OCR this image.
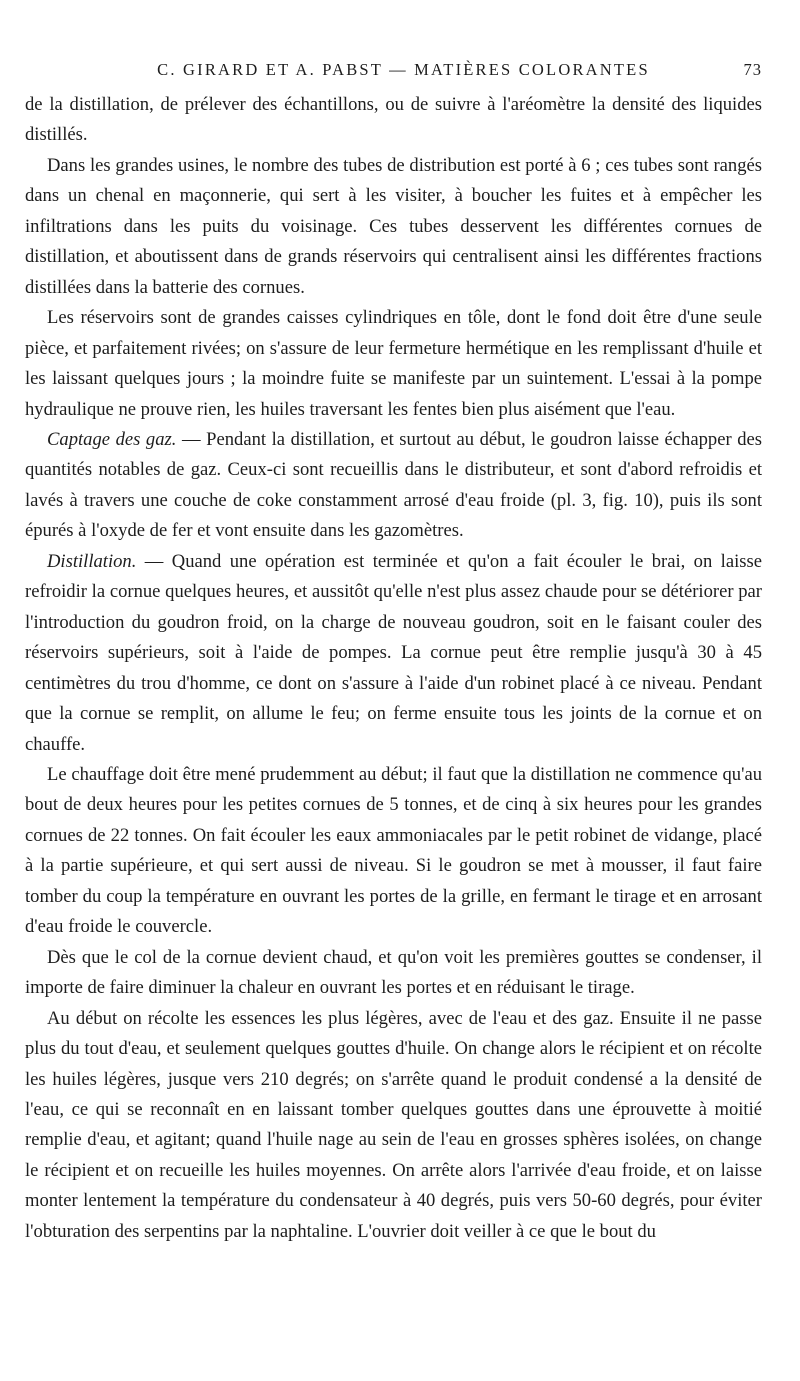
C. GIRARD ET A. PABST — MATIÈRES COLORANTES	73

de la distillation, de prélever des échantillons, ou de suivre à l'aréomètre la densité des liquides distillés.

Dans les grandes usines, le nombre des tubes de distribution est porté à 6 ; ces tubes sont rangés dans un chenal en maçonnerie, qui sert à les visiter, à boucher les fuites et à empêcher les infiltrations dans les puits du voisinage. Ces tubes desservent les différentes cornues de distillation, et aboutissent dans de grands réservoirs qui centralisent ainsi les différentes fractions distillées dans la batterie des cornues.

Les réservoirs sont de grandes caisses cylindriques en tôle, dont le fond doit être d'une seule pièce, et parfaitement rivées; on s'assure de leur fermeture hermétique en les remplissant d'huile et les laissant quelques jours ; la moindre fuite se manifeste par un suintement. L'essai à la pompe hydraulique ne prouve rien, les huiles traversant les fentes bien plus aisément que l'eau.

Captage des gaz. — Pendant la distillation, et surtout au début, le goudron laisse échapper des quantités notables de gaz. Ceux-ci sont recueillis dans le distributeur, et sont d'abord refroidis et lavés à travers une couche de coke constamment arrosé d'eau froide (pl. 3, fig. 10), puis ils sont épurés à l'oxyde de fer et vont ensuite dans les gazomètres.

Distillation. — Quand une opération est terminée et qu'on a fait écouler le brai, on laisse refroidir la cornue quelques heures, et aussitôt qu'elle n'est plus assez chaude pour se détériorer par l'introduction du goudron froid, on la charge de nouveau goudron, soit en le faisant couler des réservoirs supérieurs, soit à l'aide de pompes. La cornue peut être remplie jusqu'à 30 à 45 centimètres du trou d'homme, ce dont on s'assure à l'aide d'un robinet placé à ce niveau. Pendant que la cornue se remplit, on allume le feu; on ferme ensuite tous les joints de la cornue et on chauffe.

Le chauffage doit être mené prudemment au début; il faut que la distillation ne commence qu'au bout de deux heures pour les petites cornues de 5 tonnes, et de cinq à six heures pour les grandes cornues de 22 tonnes. On fait écouler les eaux ammoniacales par le petit robinet de vidange, placé à la partie supérieure, et qui sert aussi de niveau. Si le goudron se met à mousser, il faut faire tomber du coup la température en ouvrant les portes de la grille, en fermant le tirage et en arrosant d'eau froide le couvercle.

Dès que le col de la cornue devient chaud, et qu'on voit les premières gouttes se condenser, il importe de faire diminuer la chaleur en ouvrant les portes et en réduisant le tirage.

Au début on récolte les essences les plus légères, avec de l'eau et des gaz. Ensuite il ne passe plus du tout d'eau, et seulement quelques gouttes d'huile. On change alors le récipient et on récolte les huiles légères, jusque vers 210 degrés; on s'arrête quand le produit condensé a la densité de l'eau, ce qui se reconnaît en en laissant tomber quelques gouttes dans une éprouvette à moitié remplie d'eau, et agitant; quand l'huile nage au sein de l'eau en grosses sphères isolées, on change le récipient et on recueille les huiles moyennes. On arrête alors l'arrivée d'eau froide, et on laisse monter lentement la température du condensateur à 40 degrés, puis vers 50-60 degrés, pour éviter l'obturation des serpentins par la naphtaline. L'ouvrier doit veiller à ce que le bout du
